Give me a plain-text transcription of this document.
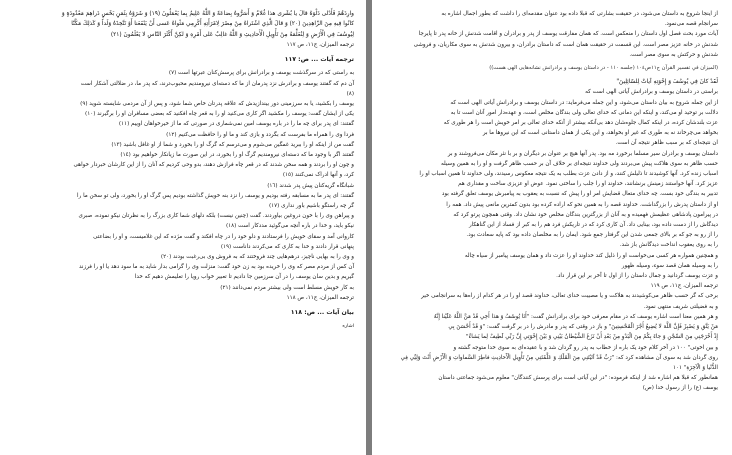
از اینجا شروع به داستان می‌شود، در حقیقت بشارتی که قبلا داده بود عنوان مقدمه‌ای را داشت که بطور اجمال اشاره به

سرانجام قصه می‌نمود.

آیات مورد بحث فصل اول داستان را منعکس است. که همان مفارقت یوسف از پدر و برادران و اقامت شدنش از خانه پدر تا پایرجا

شدنش در خانه عزیز مصر است. این قسمت در حقیقت همان است که داستان برادران، و بیرون شدنش به سوی مکاریان، و فروشی

شدنش و حرکتش به سوی مصر است.

(الميزان في تفسير القرآن ج١١ص١٠٤ (جلسه ١١٠ - در داستان یوسف و برادرانش نشانه‌هایی الهی هست))

لَقَدْ كانَ فِي يُوسُفَ وَ إِخْوَتِهِ آياتٌ لِلسّائِلِينَ"

براستی در داستان یوسف و برادرانش آیاتی الهی است که

از این جمله شروع به بیان داستان می‌شود، و این جمله می‌فرماید: در داستان یوسف و برادرانش آیاتی الهی است که

دلالت بر توحید او می‌کند، و اینکه این دمانی که خدای تعالی ولی بندگان مخلص است، و عهده‌دار امور آنان است تا به

عزت بلندشان کرده، در اینکه کمال جلوه‌شان دهد بی‌آنکه بیشتر از آنکه خدای تعالی بر امر خویش است را هر طوری که

بخواهد می‌چرخاند نه به طوری که غیر او بخواهد، و این یکی از همان داستانی است که این نیروها ما بر

ان نتیجه‌ای که بر سبب ظاهر نتیجه آن است.

داستان یوسف و برادران سیر مسلما برخورد مه بود. پدر آنها هیچ بر عنوان بر دیگران و بر با نثر مکان می‌فروشند و بر

حسب ظاهر به سوی هلاکت پیش می‌بردند ولی خداوند نتیجه‌ای بر خلاف آن بر حسب ظاهر گرفت و او را به همین وسیله

اسباب زنده کرد. آنها کوشیدند تا ذلیلش کنند، و از دادن عزت بطلب به یک نتیجه معکوس رسیدند، ولی خداوند تا همین اسباب او را

عزیز کرد. آنها خواستند زمینش برنشانند، خداوند او را جلب را ساختی نمود. عوض او عزیزی ساخت و مقداری هم

تدبیر به بندگی خود بست. چه خدای متعال قضایش امر او را پیش که نسبت به یعقوب به پیامبرش یوسف تعلق گرفته بود

او از داستان پدرش را بزرگداشت. خداوند قصه را به همین نحو که اراده کرده بود بدون کمترین مانعی پیش داد. همه را

در پیرامون پادشاهی عظیمش فهمیده و به آنان از بزرگترین بندگان مخلص خود نشان داد. وقتی همچون پرتو کرد که

دیدگاش را از دست داده بود، بینایی داد. آن کاری کرد که در تاریکش فرد هم را به کبر از فساد از این گناهکار

را از رو به جو که بر بالای جمعی شدن این گرفتار جمع شود. ایمان را به مخلصان داده بود که پایه سعادت بود.

را به روی یعقوب انداخت دیدگانش باز شد.

و همچنین همواره هر کسی می‌خواست او را ذلیل کند خداوند او را عزت داد و همان یوسف پیامبر از سیاه چاله

را به وسیله همان قصد سوء، وسیله ظهور

و عزت یوسف گردانید و جمال داستان را از اول تا آخر بر این قرار داد.

ترجمه المیزان، ج١١، ص ١١٩

برخی که گر حسب ظاهر می‌کوشیدند به هلاکت و یا مصیبت خدای تعالی، خداوند قصد او را در هر کدام از راه‌ها به سرانجامی خیر

و به فضیلتی شریف منتهی نمود.

و هر همین معنا است اشاره یوسف که در مقام معرفی خود برای برادرانش گفت: "أَنَا يُوسُفُ وَ هذا أَخِي قَدْ مَنَّ اللَّهُ عَلَيْنا إِنَّهُ

مَنْ يَتَّقِ وَ يَصْبِرْ فَإِنَّ اللَّهَ لا يُضِيعُ أَجْرَ الْمُحْسِنِينَ" و باز در وقتی که پدر و مادرش را در بر گرفت گفت: "وَ قَدْ أَحْسَنَ بِي

إِذْ أَخْرَجَنِي مِنَ السِّجْنِ وَ جاءَ بِكُمْ مِنَ الْبَدْوِ مِنْ بَعْدِ أَنْ نَزَغَ الشَّيْطانُ بَيْنِي وَ بَيْنَ إِخْوَتِي إِنَّ رَبِّي لَطِيفٌ لِما يَشاءُ"

و بین اخوتی" ١٠٠ در آخر کلام خود یک باره از خطاب به پدر رو گردان شد و با عقیده‌ای به سوی خدا متوجه گشته و

روی گردان شد به سوی آن مشاهده کرد که: "رَبِّ قَدْ آتَيْتَنِي مِنَ الْمُلْكِ وَ عَلَّمْتَنِي مِنْ تَأْوِيلِ الْأَحادِيثِ فاطِرَ السَّماواتِ وَ الْأَرْضِ أَنْتَ وَلِيِّي فِي

الدُّنْيا وَ الْآخِرَةِ" ١٠١

همانطور که قبلا هم اشاره شد از اینکه فرموده: "در این آیاتی است برای پرسش کنندگان" معلوم می‌شود جماعتی داستان

یوسف (ع) را از رسول خدا (ص)

وارِدَهُمْ فَأَدْلى دَلْوَهُ قالَ يا بُشْرى هذا غُلامٌ وَ أَسَرُّوهُ بِضاعَةً وَ اللَّهُ عَلِيمٌ بِما يَعْمَلُونَ (١٩) وَ شَرَوْهُ بِثَمَنٍ بَخْسٍ دَراهِمَ مَعْدُودَةٍ وَ

كانُوا فِيهِ مِنَ الزّاهِدِينَ (٢٠) وَ قالَ الَّذِي اشْتَراهُ مِنْ مِصْرَ لِامْرَأَتِهِ أَكْرِمِي مَثْواهُ عَسى أَنْ يَنْفَعَنا أَوْ نَتَّخِذَهُ وَلَداً وَ كَذلِكَ مَكَّنّا

لِيُوسُفَ فِي الْأَرْضِ وَ لِنُعَلِّمَهُ مِنْ تَأْوِيلِ الْأَحادِيثِ وَ اللَّهُ غالِبٌ عَلى أَمْرِهِ وَ لكِنَّ أَكْثَرَ النّاسِ لا يَعْلَمُونَ (٢١)

ترجمه المیزان، ج١١، ص ١١٧

ترجمه آيات ... ص: ١١٧

به راستی که در سرگذشت یوسف و برادرانش برای پرسش‌کنان عبرتها است (٧)

آن دم که گفتند یوسف و برادرش نزد پدرمان از ما که دسته‌ای نیرومندیم محبوب‌ترند، که پدر ما، در ضلالتی آشکار است

(٨)

یوسف را بکشید، یا به سرزمینی دور بیندازیدش که علاقه پدرتان خاص شما شود، و پس از آن مردمی شایسته شوید (٩)

یکی از ایشان گفت: یوسف را مکشید اگر کاری می‌کنید او را به قعر چاه افکنید که بعضی مسافران او را برگیرند (١٠)

گفتند: ای پدر برای چه ما را در باره یوسف امین نمی‌شماری در صورتی که ما از خیرخواهان اوییم (١١)

فردا وی را همراه ما بفرست که بگردد و بازی کند و ما او را حافظت می‌کنیم (١٢)

گفت من از اینکه او را ببرید غمگین می‌شوم و می‌ترسم که گرگ او را بخورد و شما از او غافل باشید (١٣)

گفتند اگر با وجود ما که دسته‌ای نیرومندیم گرگ او را بخورد، در این صورت ما زیانکار خواهیم بود (١٤)

و چون او را بردند و همه سخن شدند که در قعر چاه فرازش دهند، بدو وحی کردیم که آنان را از این کارشان خبردار خواهی

کرد، و آنها ادراک نمی‌کنند (١٥)

شبانگاه گریه‌کنان پیش پدر شدند (١٦)

گفتند: ای پدر ما به مسابقه رفته بودیم و یوسف را نزد بنه خویش گذاشته بودیم پس گرگ او را بخورد، ولی تو سخن ما را

گر چه راستگو باشیم باور نداری (١٧)

و پیراهن وی را با خون دروغین بیاوردند. گفت (چنین نیست) بلکه دلهای شما کاری بزرگ را به نظرتان نیکو نموده، صبری

نیکو باید، و خدا در باره آنچه می‌گوئید مددکار است (١٨)

کاروانی آمد و سقای خویش را فرستادند و دلو خود را در چاه افکند و گفت مژده که این غلامیست، و او را بضاعتی

پنهانی قرار دادند و خدا به کاری که می‌کردند داناست (١٩)

و وی را به بهایی ناچیز، درهم‌هایی چند فروختند که به فروش وی بی‌رغبت بودند (٢٠)

آن کس از مردم مصر که وی را خریده بود به زن خود گفت: منزلت وی را گرامی بدار شاید به ما سود دهد یا او را فرزند

گیریم و بدین سان یوسف را در آن سرزمین جا دادیم تا تعبیر خواب رویا را تعلیمش دهیم که خدا

به کار خویش مسلط است ولی بیشتر مردم نمی‌دانند (٢١)

ترجمه المیزان، ج١١، ص ١١٨

بيان آيات ... ص: ١١٨

اشاره
